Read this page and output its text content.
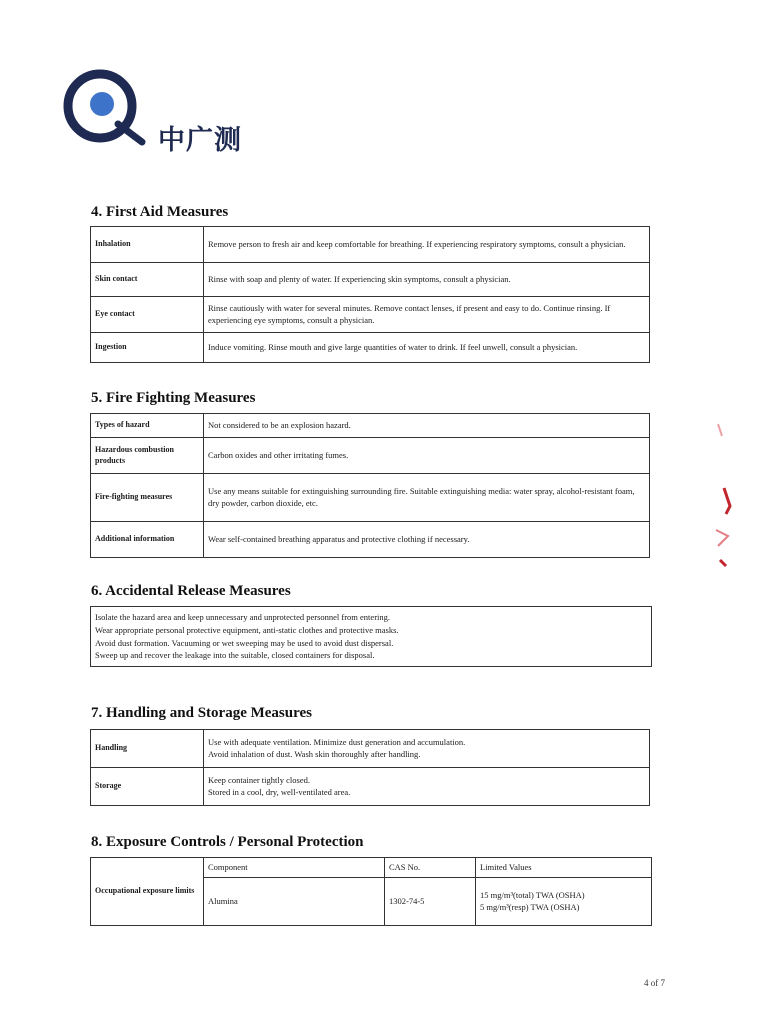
中广测
4. First Aid Measures
Inhalation	Remove person to fresh air and keep comfortable for breathing. If experiencing respiratory symptoms, consult a physician.
Skin contact	Rinse with soap and plenty of water. If experiencing skin symptoms, consult a physician.
Eye contact	Rinse cautiously with water for several minutes. Remove contact lenses, if present and easy to do. Continue rinsing. If experiencing eye symptoms, consult a physician.
Ingestion	Induce vomiting. Rinse mouth and give large quantities of water to drink. If feel unwell, consult a physician.
5. Fire Fighting Measures
Types of hazard	Not considered to be an explosion hazard.
Hazardous combustion products	Carbon oxides and other irritating fumes.
Fire-fighting measures	Use any means suitable for extinguishing surrounding fire. Suitable extinguishing media: water spray, alcohol-resistant foam, dry powder, carbon dioxide, etc.
Additional information	Wear self-contained breathing apparatus and protective clothing if necessary.
6. Accidental Release Measures
Isolate the hazard area and keep unnecessary and unprotected personnel from entering.
Wear appropriate personal protective equipment, anti-static clothes and protective masks.
Avoid dust formation. Vacuuming or wet sweeping may be used to avoid dust dispersal.
Sweep up and recover the leakage into the suitable, closed containers for disposal.
7. Handling and Storage Measures
Handling	Use with adequate ventilation. Minimize dust generation and accumulation.
Avoid inhalation of dust. Wash skin thoroughly after handling.

Storage	Keep container tightly closed.
Stored in a cool, dry, well-ventilated area.
8. Exposure Controls / Personal Protection
Occupational exposure limits	Component	CAS No.	Limited Values
	Alumina	1302-74-5	15 mg/m³(total) TWA (OSHA)
5 mg/m³(resp) TWA (OSHA)
4 of 7
